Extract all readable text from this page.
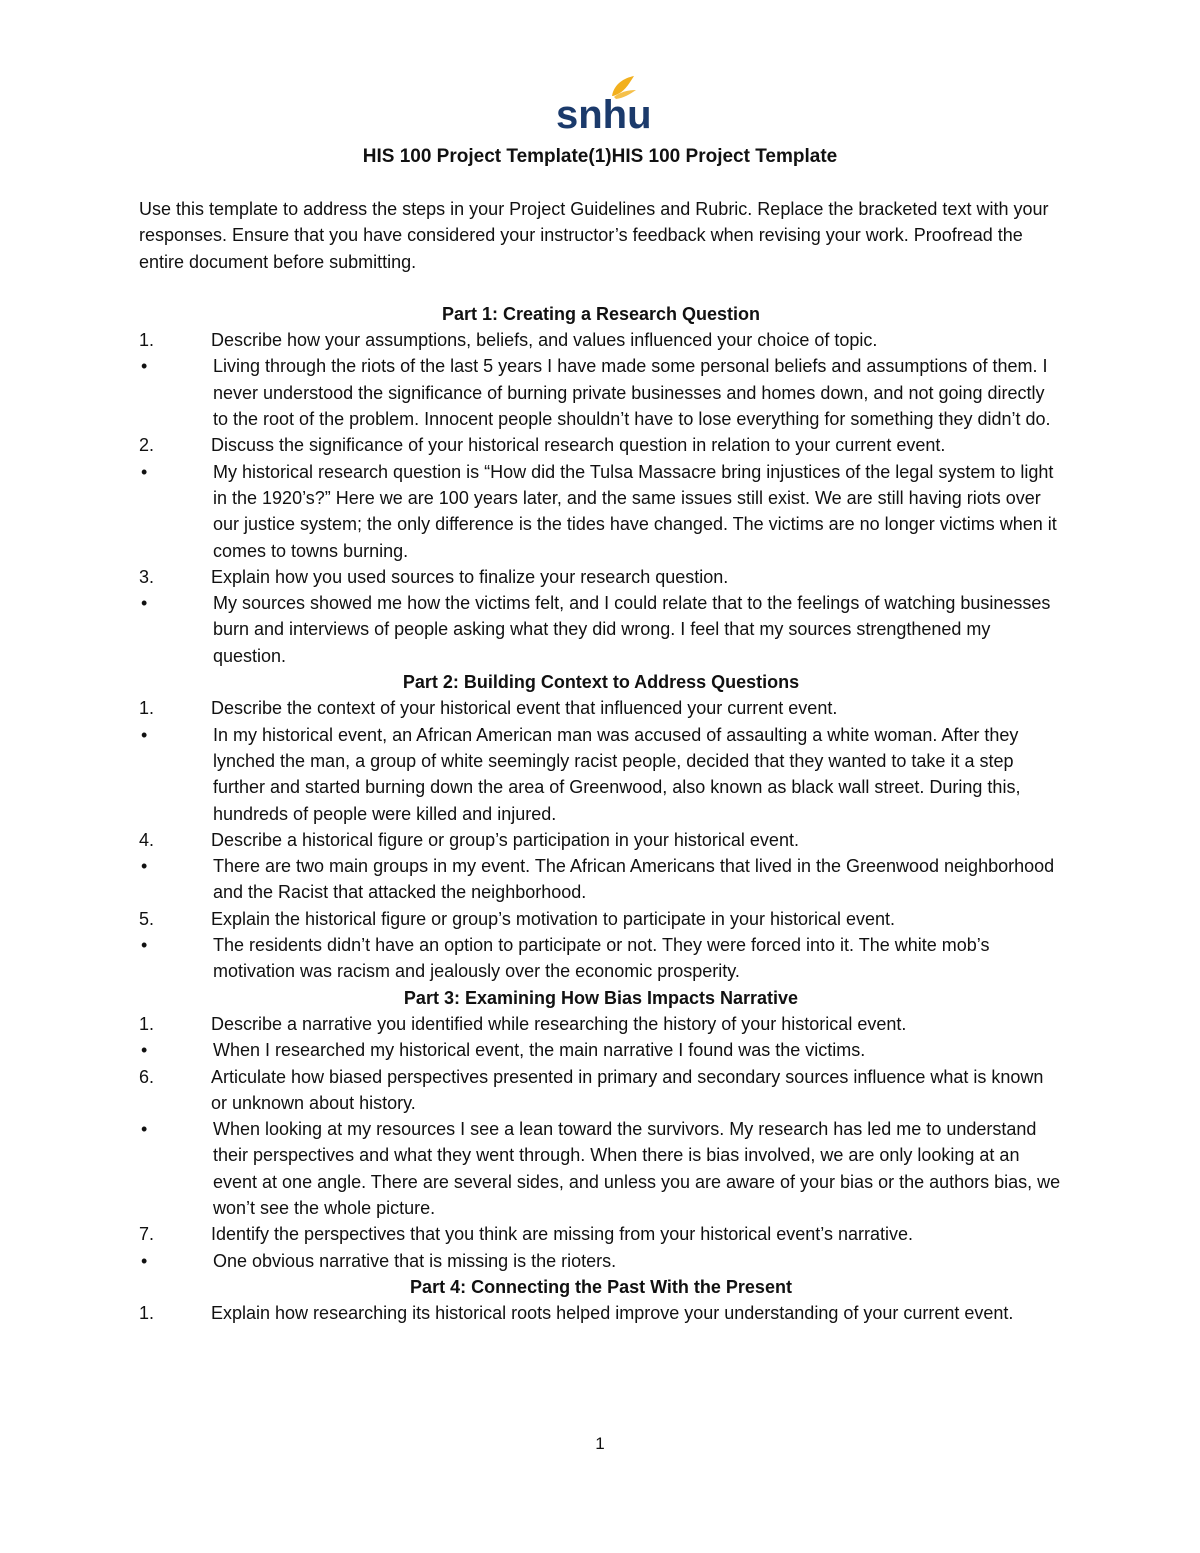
snhu
HIS 100 Project Template(1)HIS 100 Project Template

Use this template to address the steps in your Project Guidelines and Rubric. Replace the bracketed text with your responses. Ensure that you have considered your instructor’s feedback when revising your work. Proofread the entire document before submitting.

Part 1: Creating a Research Question

1.	Describe how your assumptions, beliefs, and values influenced your choice of topic.
•	Living through the riots of the last 5 years I have made some personal beliefs and assumptions of them. I never understood the significance of burning private businesses and homes down, and not going directly to the root of the problem. Innocent people shouldn’t have to lose everything for something they didn’t do.
2.	Discuss the significance of your historical research question in relation to your current event.
•	My historical research question is “How did the Tulsa Massacre bring injustices of the legal system to light in the 1920’s?” Here we are 100 years later, and the same issues still exist. We are still having riots over our justice system; the only difference is the tides have changed. The victims are no longer victims when it comes to towns burning.
3.	Explain how you used sources to finalize your research question.
•	My sources showed me how the victims felt, and I could relate that to the feelings of watching businesses burn and interviews of people asking what they did wrong. I feel that my sources strengthened my question.

Part 2: Building Context to Address Questions

1.	Describe the context of your historical event that influenced your current event.
•	In my historical event, an African American man was accused of assaulting a white woman. After they lynched the man, a group of white seemingly racist people, decided that they wanted to take it a step further and started burning down the area of Greenwood, also known as black wall street. During this, hundreds of people were killed and injured.
4.	Describe a historical figure or group’s participation in your historical event.
•	There are two main groups in my event. The African Americans that lived in the Greenwood neighborhood and the Racist that attacked the neighborhood.
5.	Explain the historical figure or group’s motivation to participate in your historical event.
•	The residents didn’t have an option to participate or not. They were forced into it. The white mob’s motivation was racism and jealously over the economic prosperity.

Part 3: Examining How Bias Impacts Narrative

1.	Describe a narrative you identified while researching the history of your historical event.
•	When I researched my historical event, the main narrative I found was the victims.
6.	Articulate how biased perspectives presented in primary and secondary sources influence what is known or unknown about history.
•	When looking at my resources I see a lean toward the survivors. My research has led me to understand their perspectives and what they went through. When there is bias involved, we are only looking at an event at one angle. There are several sides, and unless you are aware of your bias or the authors bias, we won’t see the whole picture.
7.	Identify the perspectives that you think are missing from your historical event’s narrative.
•	One obvious narrative that is missing is the rioters.

Part 4: Connecting the Past With the Present

1.	Explain how researching its historical roots helped improve your understanding of your current event.
1
